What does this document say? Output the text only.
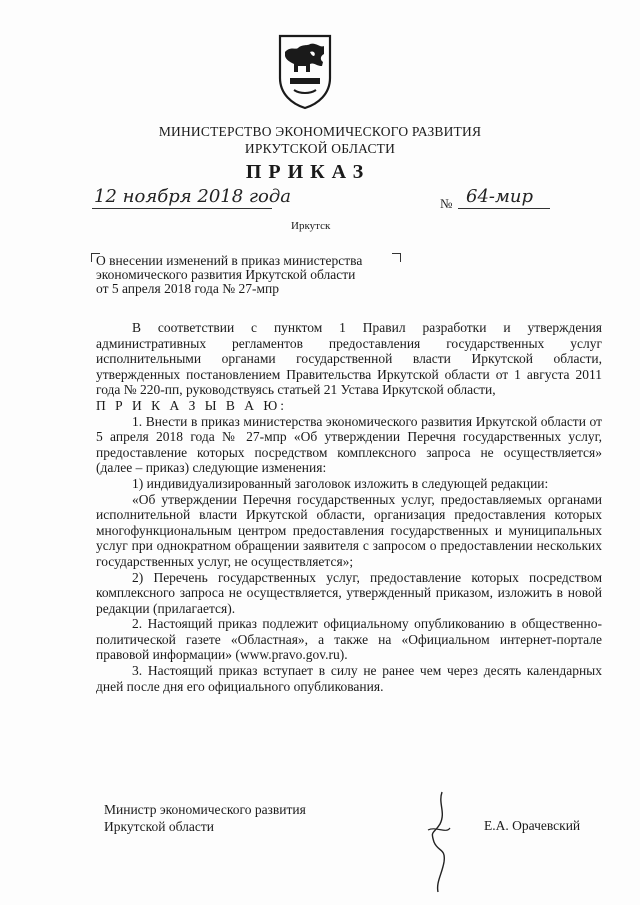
МИНИСТЕРСТВО ЭКОНОМИЧЕСКОГО РАЗВИТИЯ
ИРКУТСКОЙ ОБЛАСТИ
ПРИКАЗ
12 ноября 2018 года	№ 64-мир
Иркутск
О внесении изменений в приказ министерства
экономического развития Иркутской области
от 5 апреля 2018 года № 27-мпр

В соответствии с пунктом 1 Правил разработки и утверждения административных регламентов предоставления государственных услуг исполнительными органами государственной власти Иркутской области, утвержденных постановлением Правительства Иркутской области от 1 августа 2011 года № 220-пп, руководствуясь статьей 21 Устава Иркутской области,

П Р И К А З Ы В А Ю:

1. Внести в приказ министерства экономического развития Иркутской области от 5 апреля 2018 года № 27-мпр «Об утверждении Перечня государственных услуг, предоставление которых посредством комплексного запроса не осуществляется» (далее – приказ) следующие изменения:

1) индивидуализированный заголовок изложить в следующей редакции:

«Об утверждении Перечня государственных услуг, предоставляемых органами исполнительной власти Иркутской области, организация предоставления которых многофункциональным центром предоставления государственных и муниципальных услуг при однократном обращении заявителя с запросом о предоставлении нескольких государственных услуг, не осуществляется»;

2) Перечень государственных услуг, предоставление которых посредством комплексного запроса не осуществляется, утвержденный приказом, изложить в новой редакции (прилагается).

2. Настоящий приказ подлежит официальному опубликованию в общественно-политической газете «Областная», а также на «Официальном интернет-портале правовой информации» (www.pravo.gov.ru).

3. Настоящий приказ вступает в силу не ранее чем через десять календарных дней после дня его официального опубликования.

Министр экономического развития
Иркутской области	Е.А. Орачевский
